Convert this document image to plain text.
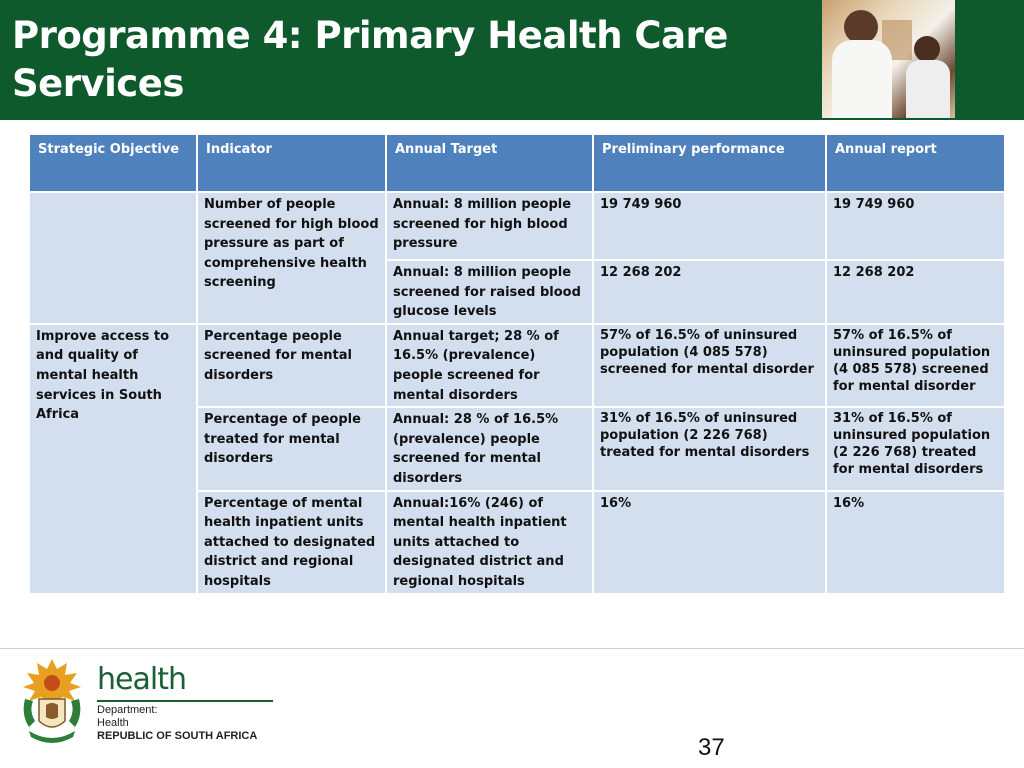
Programme 4: Primary Health Care Services
Strategic Objective	Indicator	Annual Target	Preliminary performance	Annual report
	Number of people screened for high blood pressure as part of comprehensive health screening	Annual: 8 million people screened for high blood pressure	19 749 960	19 749 960
		Annual: 8 million people screened for raised blood glucose levels	12 268 202	12 268 202
Improve access to and quality of mental health services in South Africa	Percentage people screened for mental disorders	Annual target; 28 % of 16.5% (prevalence) people screened for mental disorders	57% of 16.5% of uninsured population (4 085 578) screened for mental disorder	57% of 16.5% of uninsured population (4 085 578) screened for mental disorder
	Percentage of people treated for mental disorders	Annual: 28 % of 16.5% (prevalence) people screened for mental disorders	31% of 16.5% of uninsured population (2 226 768) treated for mental disorders	31% of 16.5% of uninsured population (2 226 768) treated for mental disorders
	Percentage of mental health inpatient units attached to designated district and regional hospitals	Annual:16% (246) of mental health inpatient units attached to designated district and regional hospitals	16%	16%
health
Department:
Health
REPUBLIC OF SOUTH AFRICA	37
